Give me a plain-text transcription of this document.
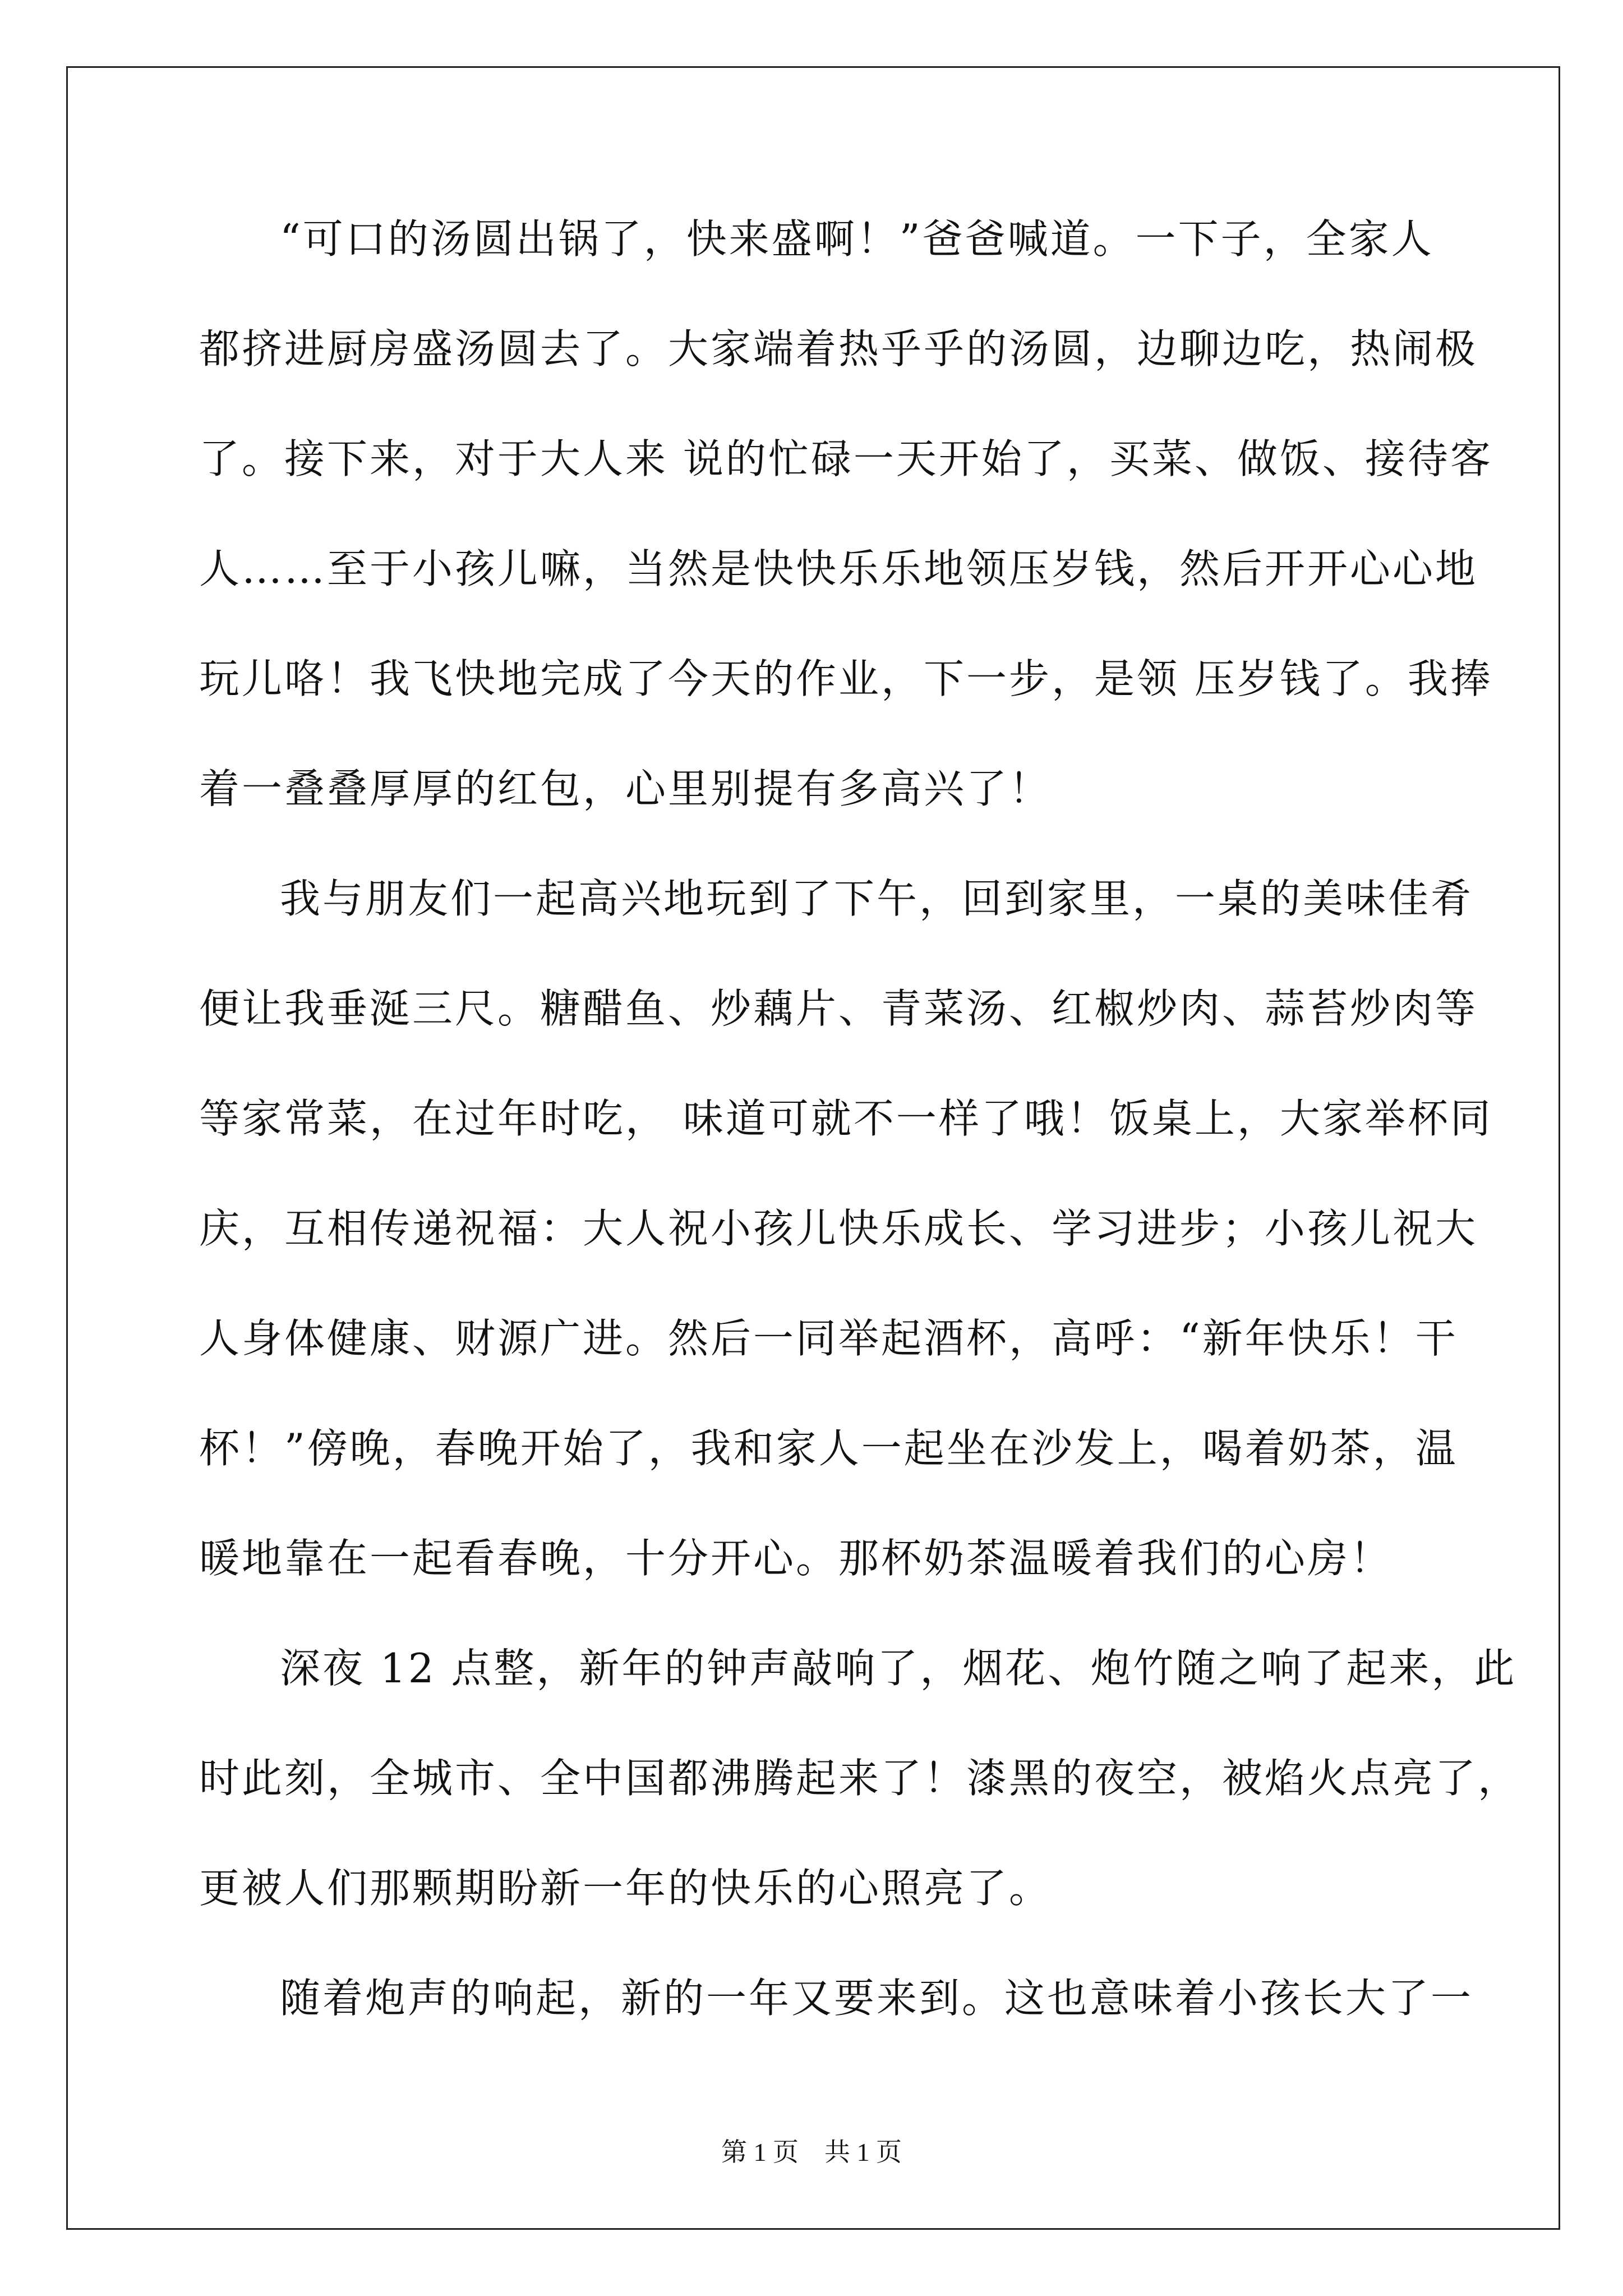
“可口的汤圆出锅了，快来盛啊！”爸爸喊道。一下子，全家人
都挤进厨房盛汤圆去了。大家端着热乎乎的汤圆，边聊边吃，热闹极
了。接下来，对于大人来 说的忙碌一天开始了，买菜、做饭、接待客
人……至于小孩儿嘛，当然是快快乐乐地领压岁钱，然后开开心心地
玩儿咯！我飞快地完成了今天的作业，下一步，是领 压岁钱了。我捧
着一叠叠厚厚的红包，心里别提有多高兴了！
我与朋友们一起高兴地玩到了下午，回到家里，一桌的美味佳肴
便让我垂涎三尺。糖醋鱼、炒藕片、青菜汤、红椒炒肉、蒜苔炒肉等
等家常菜，在过年时吃， 味道可就不一样了哦！饭桌上，大家举杯同
庆，互相传递祝福：大人祝小孩儿快乐成长、学习进步；小孩儿祝大
人身体健康、财源广进。然后一同举起酒杯，高呼：“新年快乐！干
杯！”傍晚，春晚开始了，我和家人一起坐在沙发上，喝着奶茶，温
暖地靠在一起看春晚，十分开心。那杯奶茶温暖着我们的心房！
深夜 12 点整，新年的钟声敲响了，烟花、炮竹随之响了起来，此
时此刻，全城市、全中国都沸腾起来了！漆黑的夜空，被焰火点亮了，
更被人们那颗期盼新一年的快乐的心照亮了。
随着炮声的响起，新的一年又要来到。这也意味着小孩长大了一
第 1 页　共 1 页
